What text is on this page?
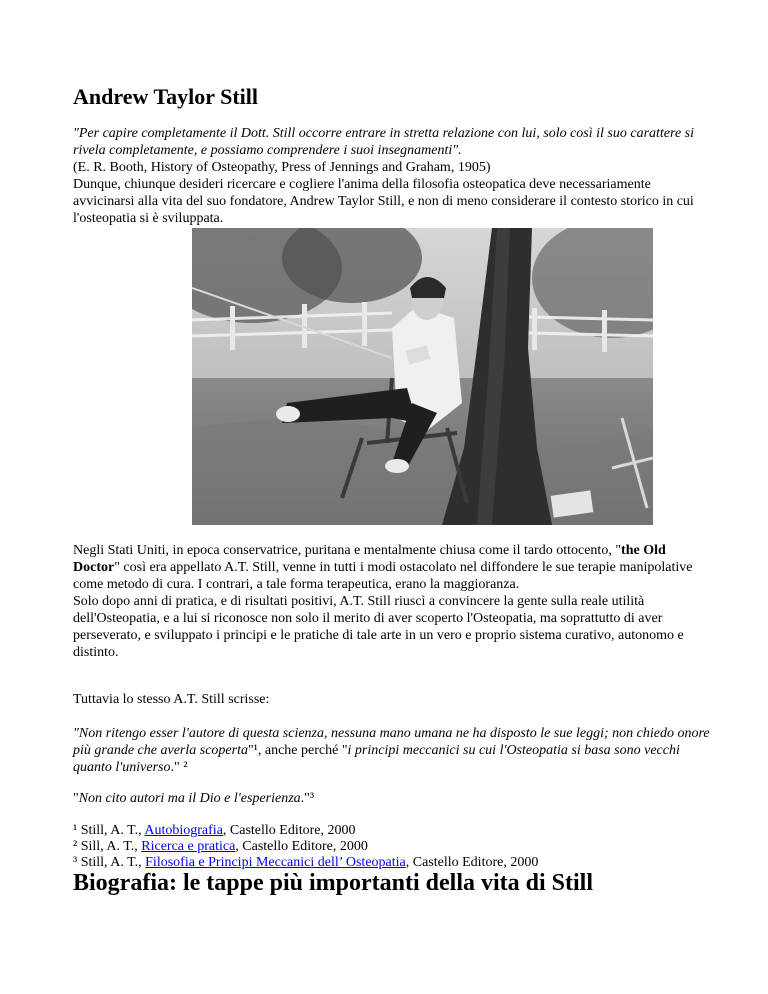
Andrew Taylor Still
"Per capire completamente il Dott. Still occorre entrare in stretta relazione con lui, solo così il suo carattere si rivela completamente, e possiamo comprendere i suoi insegnamenti".
(E. R. Booth, History of Osteopathy, Press of Jennings and Graham, 1905)

Dunque, chiunque desideri ricercare e cogliere l'anima della filosofia osteopatica deve necessariamente avvicinarsi alla vita del suo fondatore, Andrew Taylor Still, e non di meno considerare il contesto storico in cui l'osteopatia si è sviluppata.

Negli Stati Uniti, in epoca conservatrice, puritana e mentalmente chiusa come il tardo ottocento, "the Old Doctor" così era appellato A.T. Still, venne in tutti i modi ostacolato nel diffondere le sue terapie manipolative come metodo di cura. I contrari, a tale forma terapeutica, erano la maggioranza.
Solo dopo anni di pratica, e di risultati positivi, A.T. Still riuscì a convincere la gente sulla reale utilità dell'Osteopatia, e a lui si riconosce non solo il merito di aver scoperto l'Osteopatia, ma soprattutto di aver perseverato, e sviluppato i principi e le pratiche di tale arte in un vero e proprio sistema curativo, autonomo e distinto.

Tuttavia lo stesso A.T. Still scrisse:

"Non ritengo esser l'autore di questa scienza, nessuna mano umana ne ha disposto le sue leggi; non chiedo onore più grande che averla scoperta"¹, anche perché "i principi meccanici su cui l'Osteopatia si basa sono vecchi quanto l'universo." ²

"Non cito autori ma il Dio e l'esperienza."³

¹ Still, A. T., Autobiografia, Castello Editore, 2000
² Sill, A. T., Ricerca e pratica, Castello Editore, 2000
³ Still, A. T., Filosofia e Principi Meccanici dell’ Osteopatia, Castello Editore, 2000
Biografia: le tappe più importanti della vita di Still
